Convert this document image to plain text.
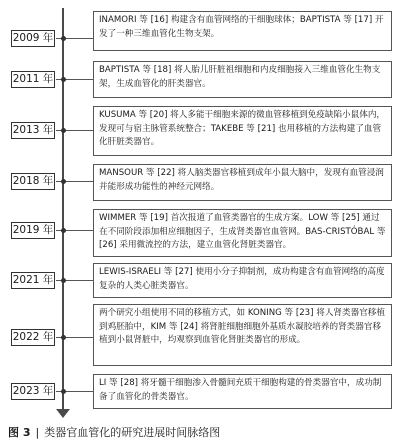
INAMORI 等 [16] 构建含有血管网络的干细胞球体；BAPTISTA 等 [17] 开发了一种三维血管化生物支架。
2009 年
BAPTISTA 等 [18] 将人胎儿肝脏祖细胞和内皮细胞接入三维血管化生物支架，生成血管化的肝类器官。
2011 年
KUSUMA 等 [20] 将人多能干细胞来源的微血管移植到免疫缺陷小鼠体内，发现可与宿主脉管系统整合；TAKEBE 等 [21] 也用移植的方法构建了血管化肝脏类器官。
2013 年
MANSOUR 等 [22] 将人脑类器官移植到成年小鼠大脑中，发现有血管浸润并能形成功能性的神经元网络。
2018 年
WIMMER 等 [19] 首次报道了血管类器官的生成方案。LOW 等 [25] 通过在不同阶段添加相应细胞因子，生成肾类器官血管网。BAS-CRISTÓBAL 等 [26] 采用微流控的方法，建立血管化肾脏类器官。
2019 年
LEWIS-ISRAELI 等 [27] 使用小分子抑制剂，成功构建含有血管网络的高度复杂的人类心脏类器官。
2021 年
两个研究小组使用不同的移植方式，如 KONING 等 [23] 将人肾类器官移植到鸡胚胎中，KIM 等 [24] 将肾脏细胞细胞外基质水凝胶培养的肾类器官移植到小鼠肾脏中，均观察到血管化肾脏类器官的形成。
2022 年
LI 等 [28] 将牙髓干细胞渗入骨髓间充质干细胞构建的骨类器官中，成功制备了血管化的骨类器官。
2023 年
图 3 | 类器官血管化的研究进展时间脉络图
